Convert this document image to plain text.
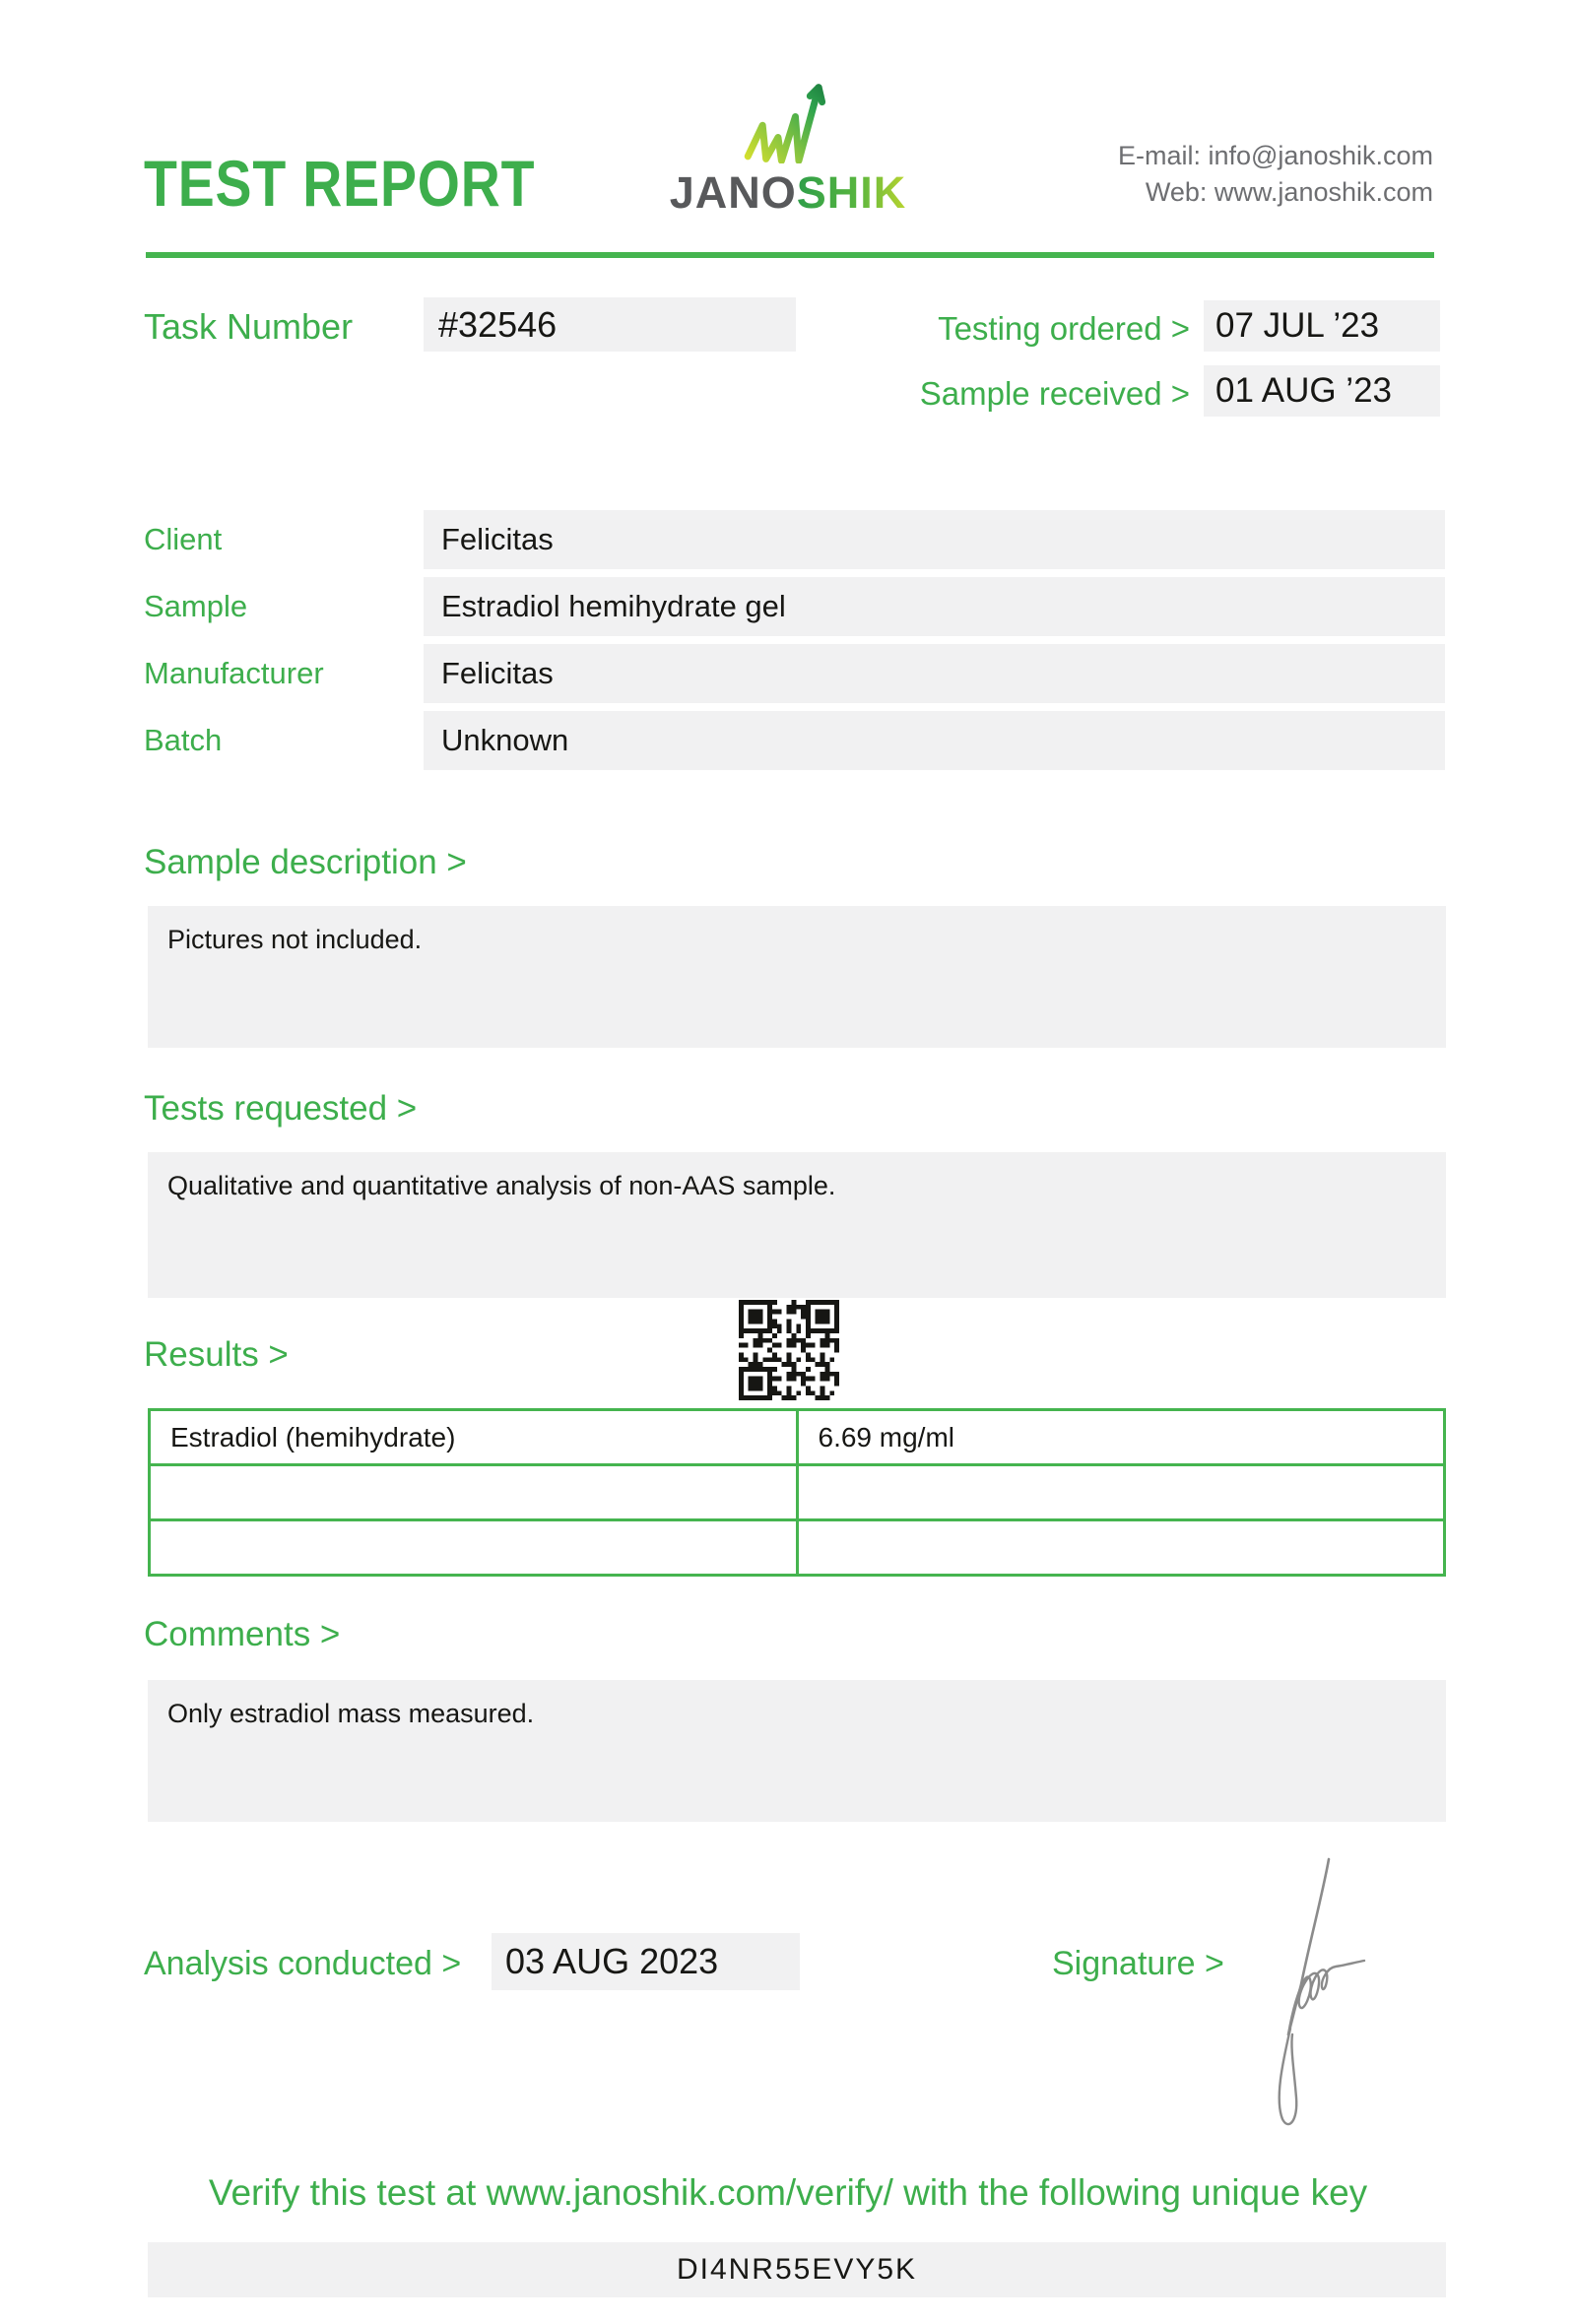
TEST REPORT	JANOSHIK
E-mail: info@janoshik.com
Web: www.janoshik.com
Task Number	#32546	Testing ordered > 07 JUL ’23
Sample received > 01 AUG ’23
Client	Felicitas
Sample	Estradiol hemihydrate gel
Manufacturer	Felicitas
Batch	Unknown
Sample description >
Pictures not included.
Tests requested >
Qualitative and quantitative analysis of non-AAS sample.
Results >
Estradiol (hemihydrate)	6.69 mg/ml

Comments >
Only estradiol mass measured.
Analysis conducted >	03 AUG 2023	Signature >
Verify this test at www.janoshik.com/verify/ with the following unique key
DI4NR55EVY5K
